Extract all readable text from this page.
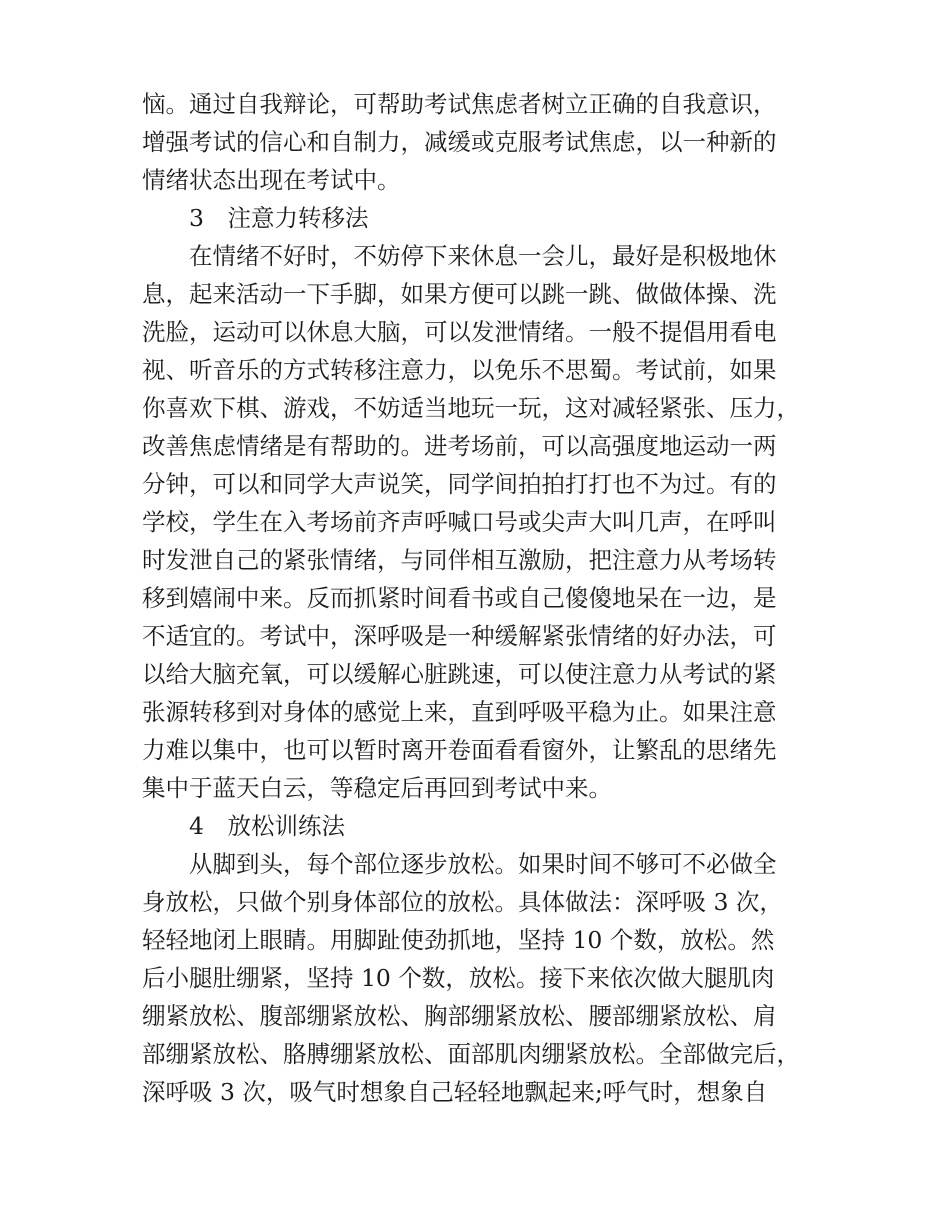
恼。通过自我辩论，可帮助考试焦虑者树立正确的自我意识，
增强考试的信心和自制力，减缓或克服考试焦虑，以一种新的
情绪状态出现在考试中。
3　注意力转移法
在情绪不好时，不妨停下来休息一会儿，最好是积极地休
息，起来活动一下手脚，如果方便可以跳一跳、做做体操、洗
洗脸，运动可以休息大脑，可以发泄情绪。一般不提倡用看电
视、听音乐的方式转移注意力，以免乐不思蜀。考试前，如果
你喜欢下棋、游戏，不妨适当地玩一玩，这对减轻紧张、压力，
改善焦虑情绪是有帮助的。进考场前，可以高强度地运动一两
分钟，可以和同学大声说笑，同学间拍拍打打也不为过。有的
学校，学生在入考场前齐声呼喊口号或尖声大叫几声，在呼叫
时发泄自己的紧张情绪，与同伴相互激励，把注意力从考场转
移到嬉闹中来。反而抓紧时间看书或自己傻傻地呆在一边，是
不适宜的。考试中，深呼吸是一种缓解紧张情绪的好办法，可
以给大脑充氧，可以缓解心脏跳速，可以使注意力从考试的紧
张源转移到对身体的感觉上来，直到呼吸平稳为止。如果注意
力难以集中，也可以暂时离开卷面看看窗外，让繁乱的思绪先
集中于蓝天白云，等稳定后再回到考试中来。
4　放松训练法
从脚到头，每个部位逐步放松。如果时间不够可不必做全
身放松，只做个别身体部位的放松。具体做法：深呼吸 3 次，
轻轻地闭上眼睛。用脚趾使劲抓地，坚持 10 个数，放松。然
后小腿肚绷紧，坚持 10 个数，放松。接下来依次做大腿肌肉
绷紧放松、腹部绷紧放松、胸部绷紧放松、腰部绷紧放松、肩
部绷紧放松、胳膊绷紧放松、面部肌肉绷紧放松。全部做完后，
深呼吸 3 次，吸气时想象自己轻轻地飘起来;呼气时，想象自
